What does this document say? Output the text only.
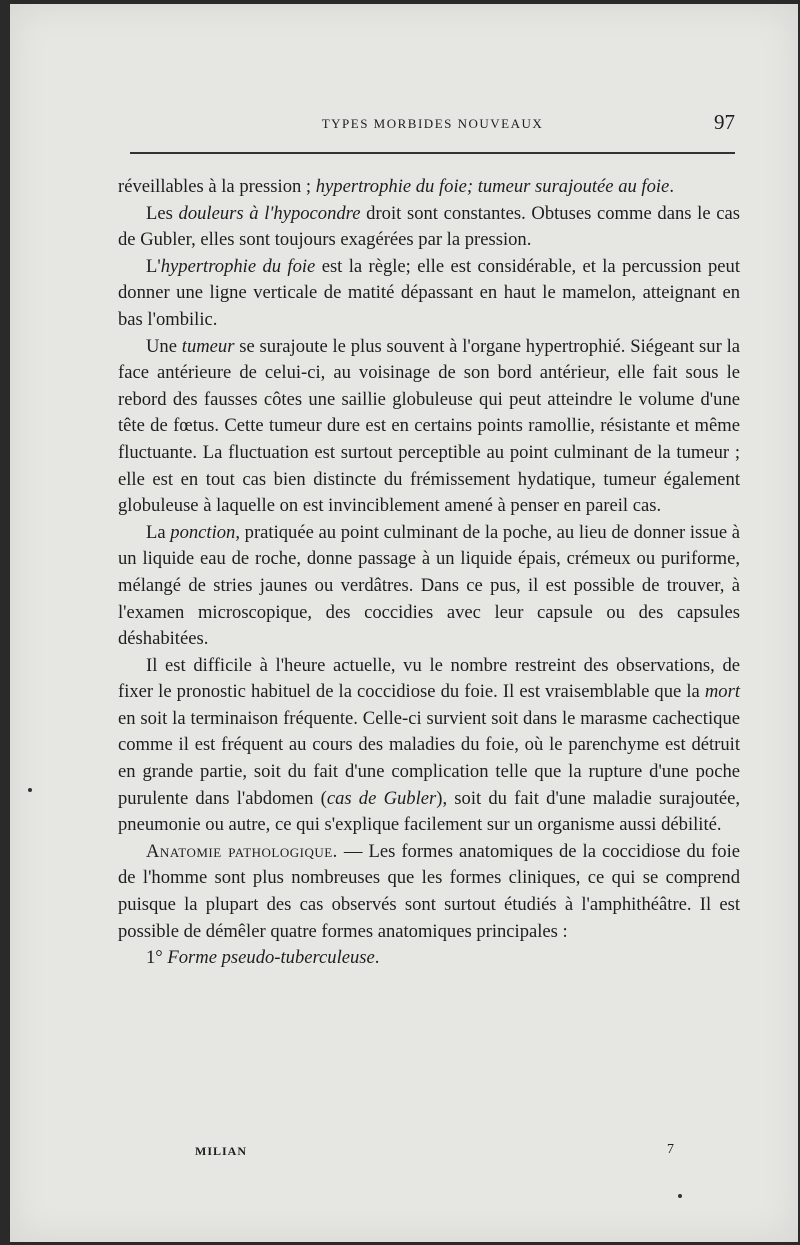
TYPES MORBIDES NOUVEAUX	97

réveillables à la pression ; hypertrophie du foie; tumeur surajoutée au foie.

Les douleurs à l'hypocondre droit sont constantes. Obtuses comme dans le cas de Gubler, elles sont toujours exagérées par la pression.

L'hypertrophie du foie est la règle; elle est considérable, et la percussion peut donner une ligne verticale de matité dépassant en haut le mamelon, atteignant en bas l'ombilic.

Une tumeur se surajoute le plus souvent à l'organe hypertrophié. Siégeant sur la face antérieure de celui-ci, au voisinage de son bord antérieur, elle fait sous le rebord des fausses côtes une saillie globuleuse qui peut atteindre le volume d'une tête de fœtus. Cette tumeur dure est en certains points ramollie, résistante et même fluctuante. La fluctuation est surtout perceptible au point culminant de la tumeur ; elle est en tout cas bien distincte du frémissement hydatique, tumeur également globuleuse à laquelle on est invinciblement amené à penser en pareil cas.

La ponction, pratiquée au point culminant de la poche, au lieu de donner issue à un liquide eau de roche, donne passage à un liquide épais, crémeux ou puriforme, mélangé de stries jaunes ou verdâtres. Dans ce pus, il est possible de trouver, à l'examen microscopique, des coccidies avec leur capsule ou des capsules déshabitées.

Il est difficile à l'heure actuelle, vu le nombre restreint des observations, de fixer le pronostic habituel de la coccidiose du foie. Il est vraisemblable que la mort en soit la terminaison fréquente. Celle-ci survient soit dans le marasme cachectique comme il est fréquent au cours des maladies du foie, où le parenchyme est détruit en grande partie, soit du fait d'une complication telle que la rupture d'une poche purulente dans l'abdomen (cas de Gubler), soit du fait d'une maladie surajoutée, pneumonie ou autre, ce qui s'explique facilement sur un organisme aussi débilité.

Anatomie pathologique. — Les formes anatomiques de la coccidiose du foie de l'homme sont plus nombreuses que les formes cliniques, ce qui se comprend puisque la plupart des cas observés sont surtout étudiés à l'amphithéâtre. Il est possible de démêler quatre formes anatomiques principales :

1° Forme pseudo-tuberculeuse.

MILIAN	7
